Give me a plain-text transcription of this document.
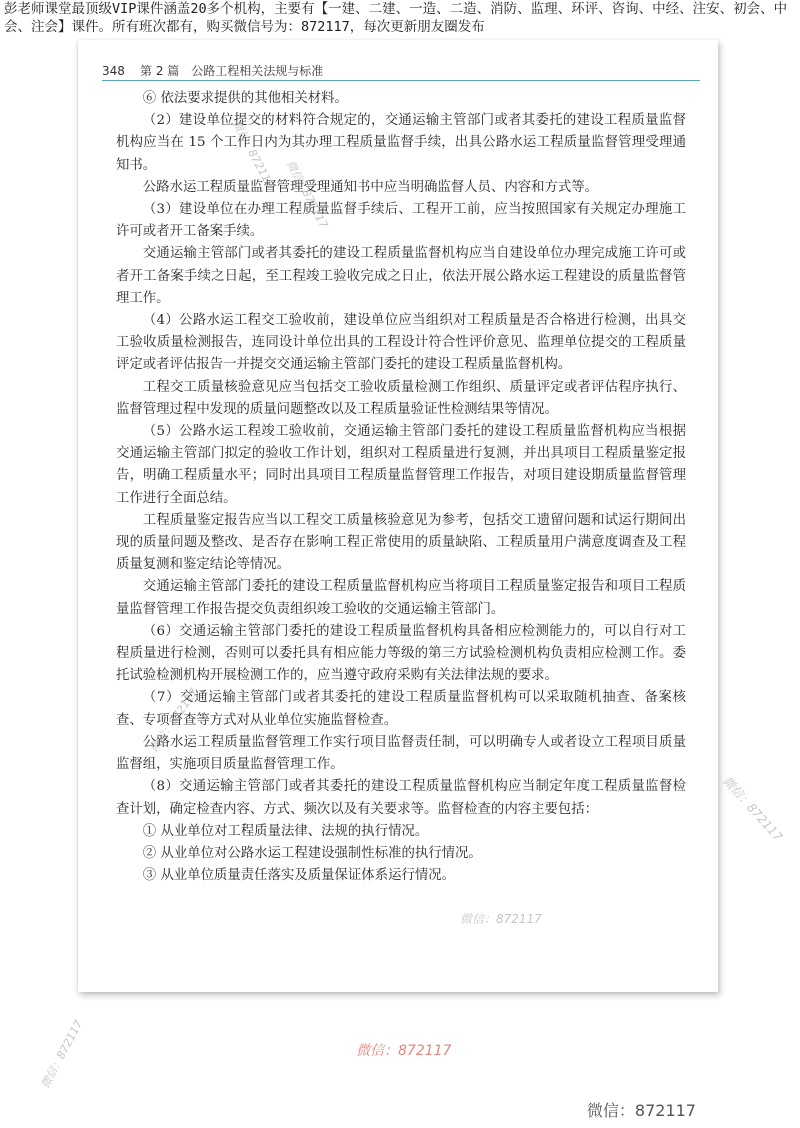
彭老师课堂最顶级VIP课件涵盖20多个机构，主要有【一建、二建、一造、二造、消防、监理、环评、咨询、中经、注安、初会、中会、注会】课件。所有班次都有，购买微信号为：872117，每次更新朋友圈发布
348 第 2 篇　公路工程相关法规与标准

⑥ 依法要求提供的其他相关材料。

（2）建设单位提交的材料符合规定的，交通运输主管部门或者其委托的建设工程质量监督机构应当在 15 个工作日内为其办理工程质量监督手续，出具公路水运工程质量监督管理受理通知书。

公路水运工程质量监督管理受理通知书中应当明确监督人员、内容和方式等。

（3）建设单位在办理工程质量监督手续后、工程开工前，应当按照国家有关规定办理施工许可或者开工备案手续。

交通运输主管部门或者其委托的建设工程质量监督机构应当自建设单位办理完成施工许可或者开工备案手续之日起，至工程竣工验收完成之日止，依法开展公路水运工程建设的质量监督管理工作。

（4）公路水运工程交工验收前，建设单位应当组织对工程质量是否合格进行检测，出具交工验收质量检测报告，连同设计单位出具的工程设计符合性评价意见、监理单位提交的工程质量评定或者评估报告一并提交交通运输主管部门委托的建设工程质量监督机构。

工程交工质量核验意见应当包括交工验收质量检测工作组织、质量评定或者评估程序执行、监督管理过程中发现的质量问题整改以及工程质量验证性检测结果等情况。

（5）公路水运工程竣工验收前，交通运输主管部门委托的建设工程质量监督机构应当根据交通运输主管部门拟定的验收工作计划，组织对工程质量进行复测，并出具项目工程质量鉴定报告，明确工程质量水平；同时出具项目工程质量监督管理工作报告，对项目建设期质量监督管理工作进行全面总结。

工程质量鉴定报告应当以工程交工质量核验意见为参考，包括交工遗留问题和试运行期间出现的质量问题及整改、是否存在影响工程正常使用的质量缺陷、工程质量用户满意度调查及工程质量复测和鉴定结论等情况。

交通运输主管部门委托的建设工程质量监督机构应当将项目工程质量鉴定报告和项目工程质量监督管理工作报告提交负责组织竣工验收的交通运输主管部门。

（6）交通运输主管部门委托的建设工程质量监督机构具备相应检测能力的，可以自行对工程质量进行检测，否则可以委托具有相应能力等级的第三方试验检测机构负责相应检测工作。委托试验检测机构开展检测工作的，应当遵守政府采购有关法律法规的要求。

（7）交通运输主管部门或者其委托的建设工程质量监督机构可以采取随机抽查、备案核查、专项督查等方式对从业单位实施监督检查。

公路水运工程质量监督管理工作实行项目监督责任制，可以明确专人或者设立工程项目质量监督组，实施项目质量监督管理工作。

（8）交通运输主管部门或者其委托的建设工程质量监督机构应当制定年度工程质量监督检查计划，确定检查内容、方式、频次以及有关要求等。监督检查的内容主要包括：

① 从业单位对工程质量法律、法规的执行情况。

② 从业单位对公路水运工程建设强制性标准的执行情况。

③ 从业单位质量责任落实及质量保证体系运行情况。

微信：872117
微信：872117
微信：872117
微信：872117
微信：872117
微信：872117	微信：872117
微信：872117
